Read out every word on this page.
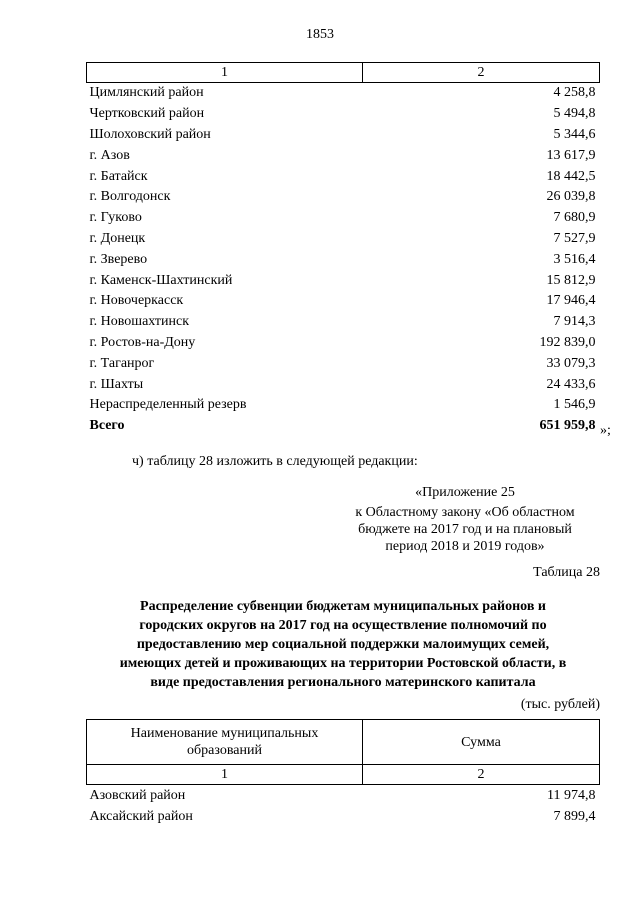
1853
1	2
Цимлянский район	4 258,8
Чертковский район	5 494,8
Шолоховский район	5 344,6
г. Азов	13 617,9
г. Батайск	18 442,5
г. Волгодонск	26 039,8
г. Гуково	7 680,9
г. Донецк	7 527,9
г. Зверево	3 516,4
г. Каменск-Шахтинский	15 812,9
г. Новочеркасск	17 946,4
г. Новошахтинск	7 914,3
г. Ростов-на-Дону	192 839,0
г. Таганрог	33 079,3
г. Шахты	24 433,6
Нераспределенный резерв	1 546,9
Всего	651 959,8 »;
ч) таблицу 28 изложить в следующей редакции:
«Приложение 25
к Областному закону «Об областном
бюджете на 2017 год и на плановый
период 2018 и 2019 годов»
Таблица 28
Распределение субвенции бюджетам муниципальных районов и
городских округов на 2017 год на осуществление полномочий по
предоставлению мер социальной поддержки малоимущих семей,
имеющих детей и проживающих на территории Ростовской области, в
виде предоставления регионального материнского капитала
(тыс. рублей)
Наименование муниципальных
образований	Сумма
1	2
Азовский район	11 974,8
Аксайский район	7 899,4
